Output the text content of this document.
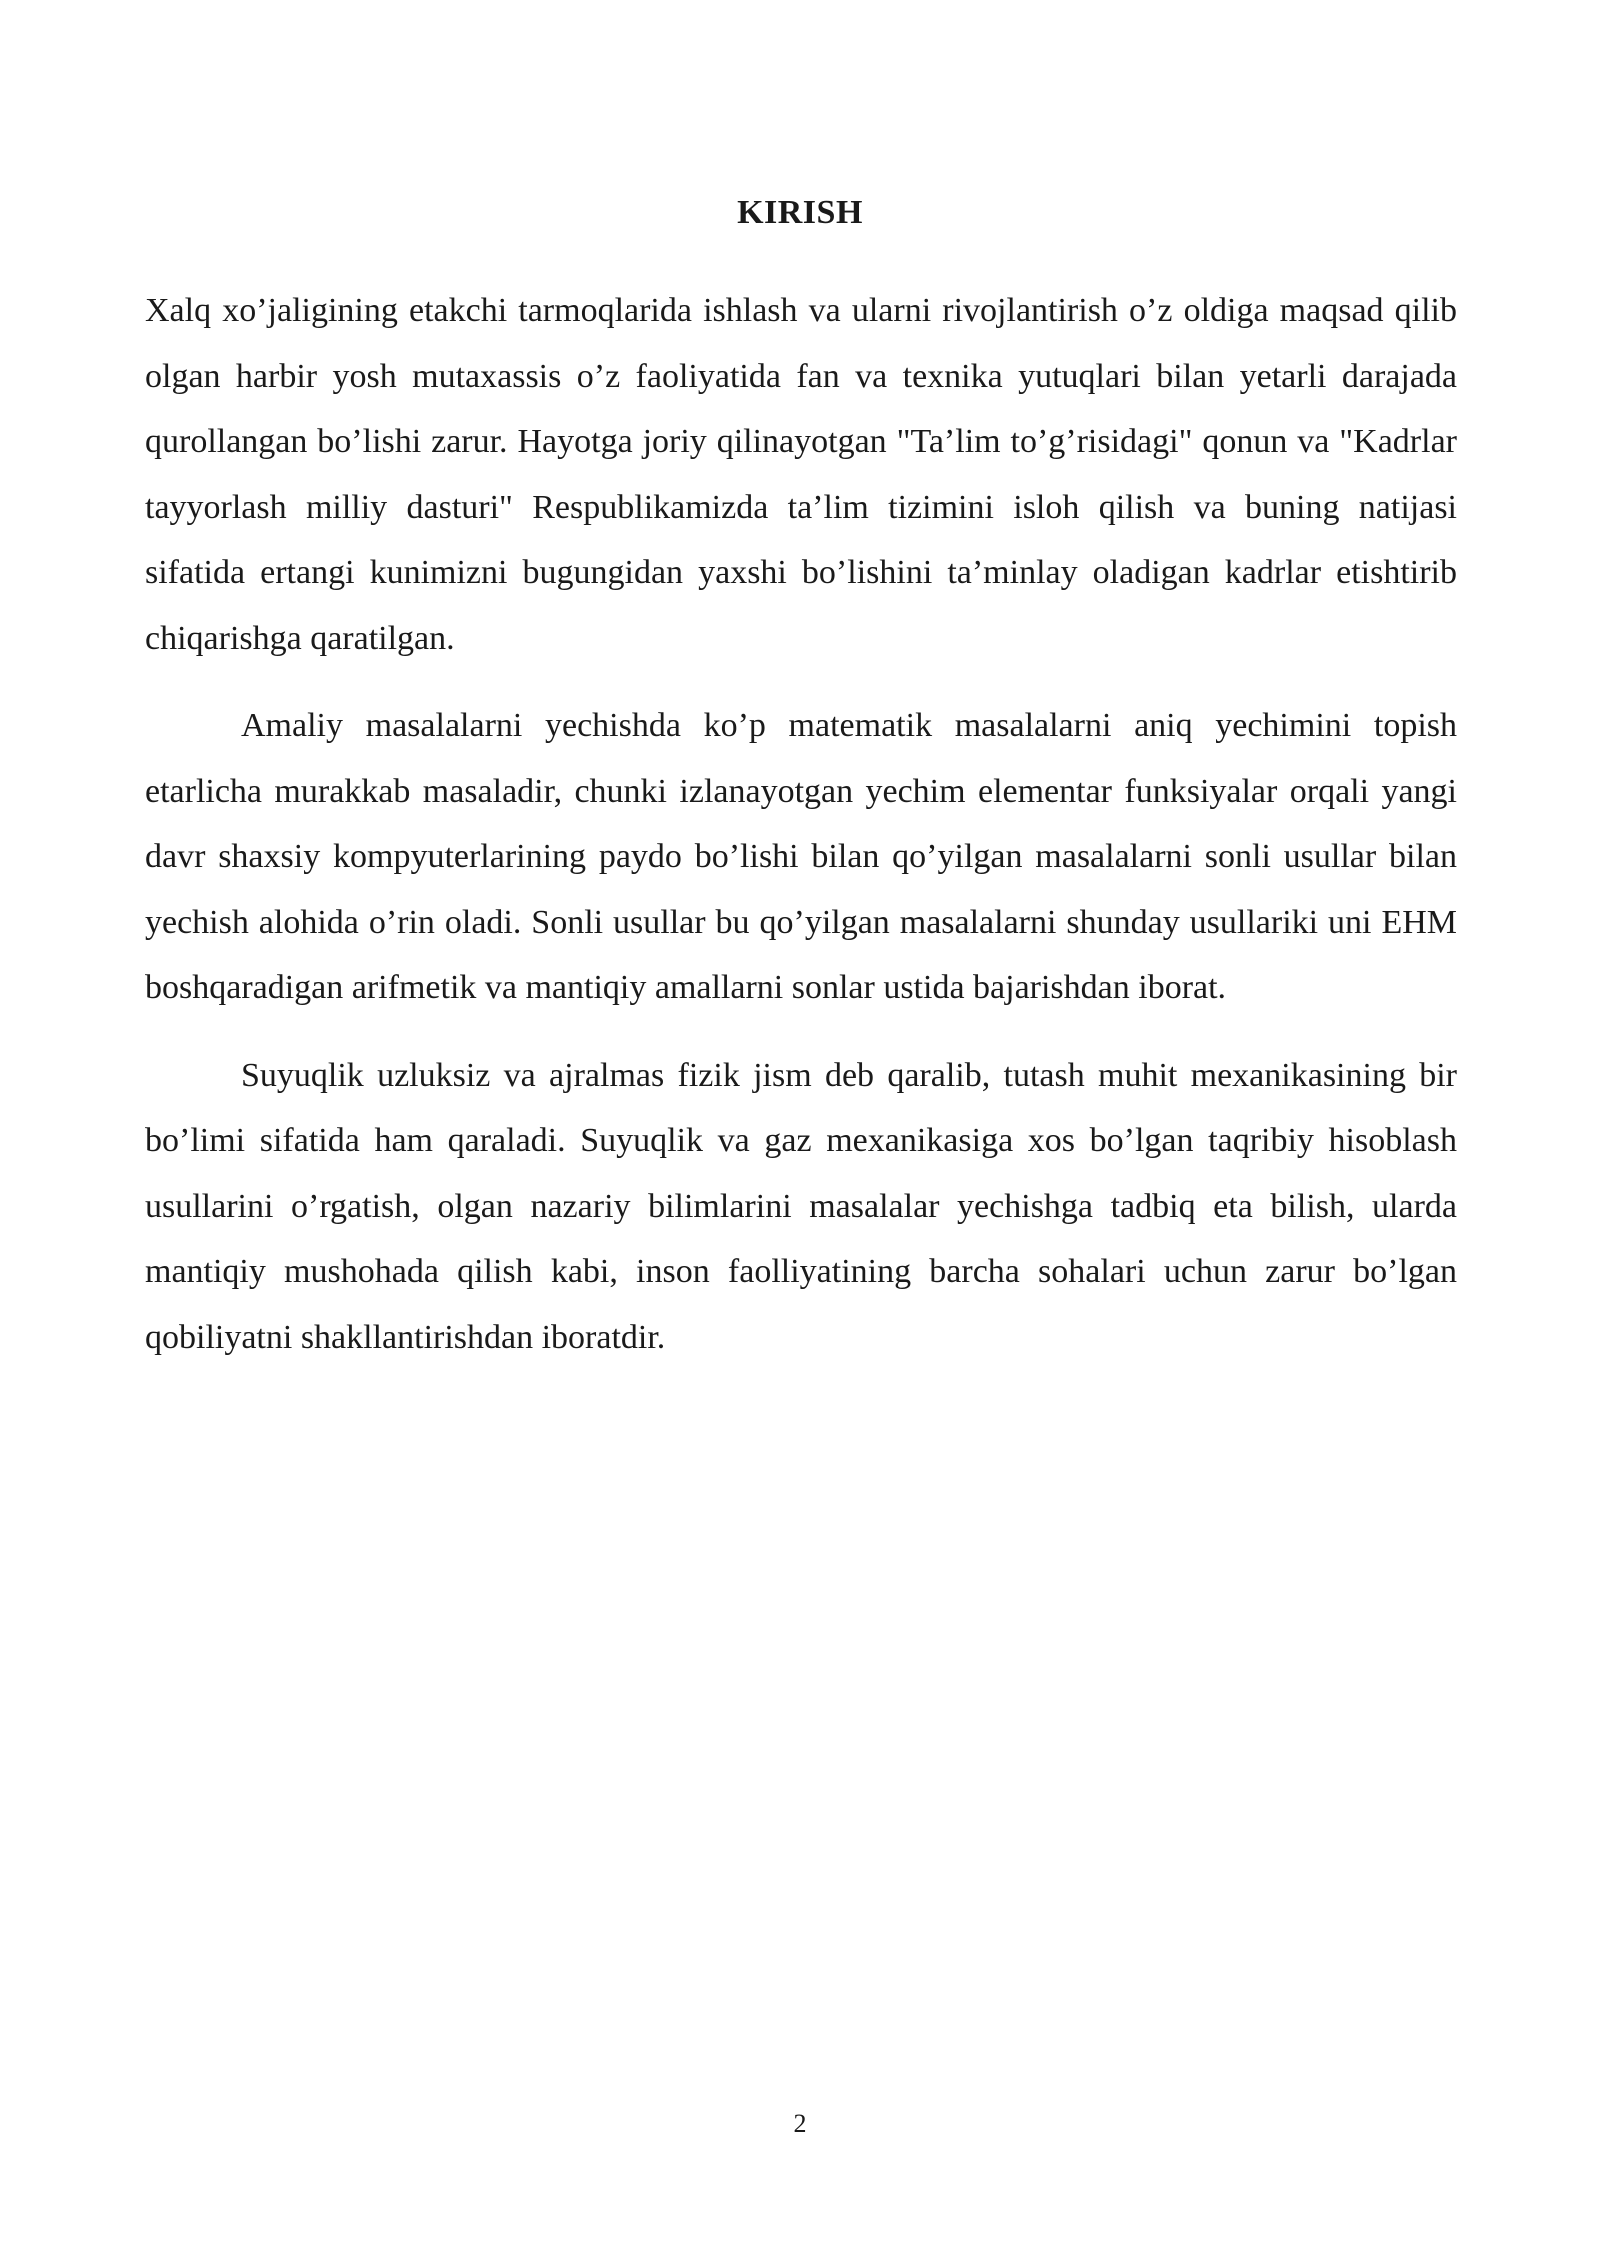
KIRISH

Xalq xo’jaligining etakchi tarmoqlarida ishlash va ularni rivojlantirish o’z oldiga maqsad qilib olgan harbir yosh mutaxassis o’z faoliyatida fan va texnika yutuqlari bilan yetarli darajada qurollangan bo’lishi zarur. Hayotga joriy qilinayotgan "Ta’lim to’g’risidagi" qonun va "Kadrlar tayyorlash milliy dasturi" Respublikamizda ta’lim tizimini isloh qilish va buning natijasi sifatida ertangi kunimizni bugungidan yaxshi bo’lishini ta’minlay oladigan kadrlar etishtirib chiqarishga qaratilgan.

Amaliy masalalarni yechishda ko’p matematik masalalarni aniq yechimini topish etarlicha murakkab masaladir, chunki izlanayotgan yechim elementar funksiyalar orqali yangi davr shaxsiy kompyuterlarining paydo bo’lishi bilan qo’yilgan masalalarni sonli usullar bilan yechish alohida o’rin oladi. Sonli usullar bu qo’yilgan masalalarni shunday usullariki uni EHM boshqaradigan arifmetik va mantiqiy amallarni sonlar ustida bajarishdan iborat.

Suyuqlik uzluksiz va ajralmas fizik jism deb qaralib, tutash muhit mexanikasining bir bo’limi sifatida ham qaraladi. Suyuqlik va gaz mexanikasiga xos bo’lgan taqribiy hisoblash usullarini o’rgatish, olgan nazariy bilimlarini masalalar yechishga tadbiq eta bilish, ularda mantiqiy mushohada qilish kabi, inson faolliyatining barcha sohalari uchun zarur bo’lgan qobiliyatni shakllantirishdan iboratdir.

2
